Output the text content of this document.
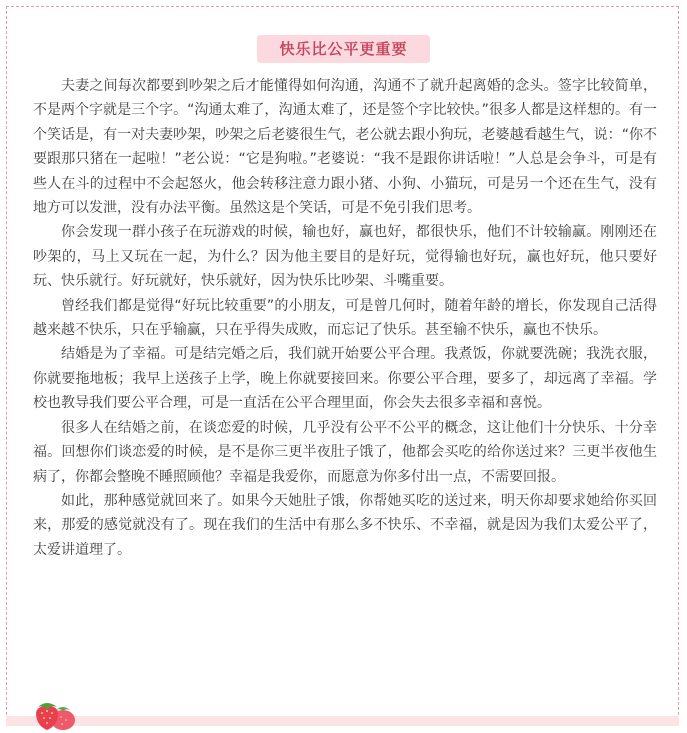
快乐比公平更重要

夫妻之间每次都要到吵架之后才能懂得如何沟通，沟通不了就升起离婚的念头。签字比较简单，不是两个字就是三个字。“沟通太难了，沟通太难了，还是签个字比较快。”很多人都是这样想的。有一个笑话是，有一对夫妻吵架，吵架之后老婆很生气，老公就去跟小狗玩，老婆越看越生气，说：“你不要跟那只猪在一起啦！”老公说：“它是狗啦。”老婆说：“我不是跟你讲话啦！”人总是会争斗，可是有些人在斗的过程中不会起怒火，他会转移注意力跟小猪、小狗、小猫玩，可是另一个还在生气，没有地方可以发泄，没有办法平衡。虽然这是个笑话，可是不免引我们思考。

你会发现一群小孩子在玩游戏的时候，输也好，赢也好，都很快乐，他们不计较输赢。刚刚还在吵架的，马上又玩在一起，为什么？因为他主要目的是好玩，觉得输也好玩，赢也好玩，他只要好玩、快乐就行。好玩就好，快乐就好，因为快乐比吵架、斗嘴重要。

曾经我们都是觉得“好玩比较重要”的小朋友，可是曾几何时，随着年龄的增长，你发现自己活得越来越不快乐，只在乎输赢，只在乎得失成败，而忘记了快乐。甚至输不快乐，赢也不快乐。

结婚是为了幸福。可是结完婚之后，我们就开始要公平合理。我煮饭，你就要洗碗；我洗衣服，你就要拖地板；我早上送孩子上学，晚上你就要接回来。你要公平合理，要多了，却远离了幸福。学校也教导我们要公平合理，可是一直活在公平合理里面，你会失去很多幸福和喜悦。

很多人在结婚之前，在谈恋爱的时候，几乎没有公平不公平的概念，这让他们十分快乐、十分幸福。回想你们谈恋爱的时候，是不是你三更半夜肚子饿了，他都会买吃的给你送过来？三更半夜他生病了，你都会整晚不睡照顾他？幸福是我爱你，而愿意为你多付出一点，不需要回报。

如此，那种感觉就回来了。如果今天她肚子饿，你帮她买吃的送过来，明天你却要求她给你买回来，那爱的感觉就没有了。现在我们的生活中有那么多不快乐、不幸福，就是因为我们太爱公平了，太爱讲道理了。
